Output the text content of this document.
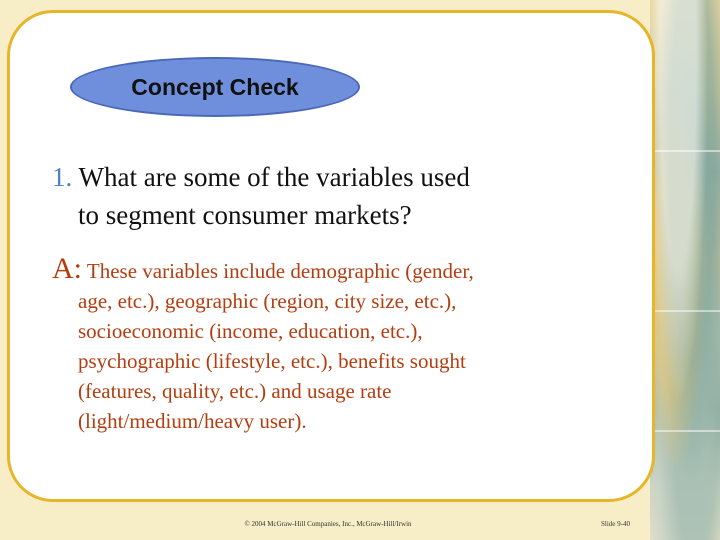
Concept Check
1. What are some of the variables used
to segment consumer markets?
A: These variables include demographic (gender,
age, etc.), geographic (region, city size, etc.),
socioeconomic (income, education, etc.),
psychographic (lifestyle, etc.), benefits sought
(features, quality, etc.) and usage rate
(light/medium/heavy user).
© 2004 McGraw-Hill Companies, Inc., McGraw-Hill/Irwin	Slide 9-40
